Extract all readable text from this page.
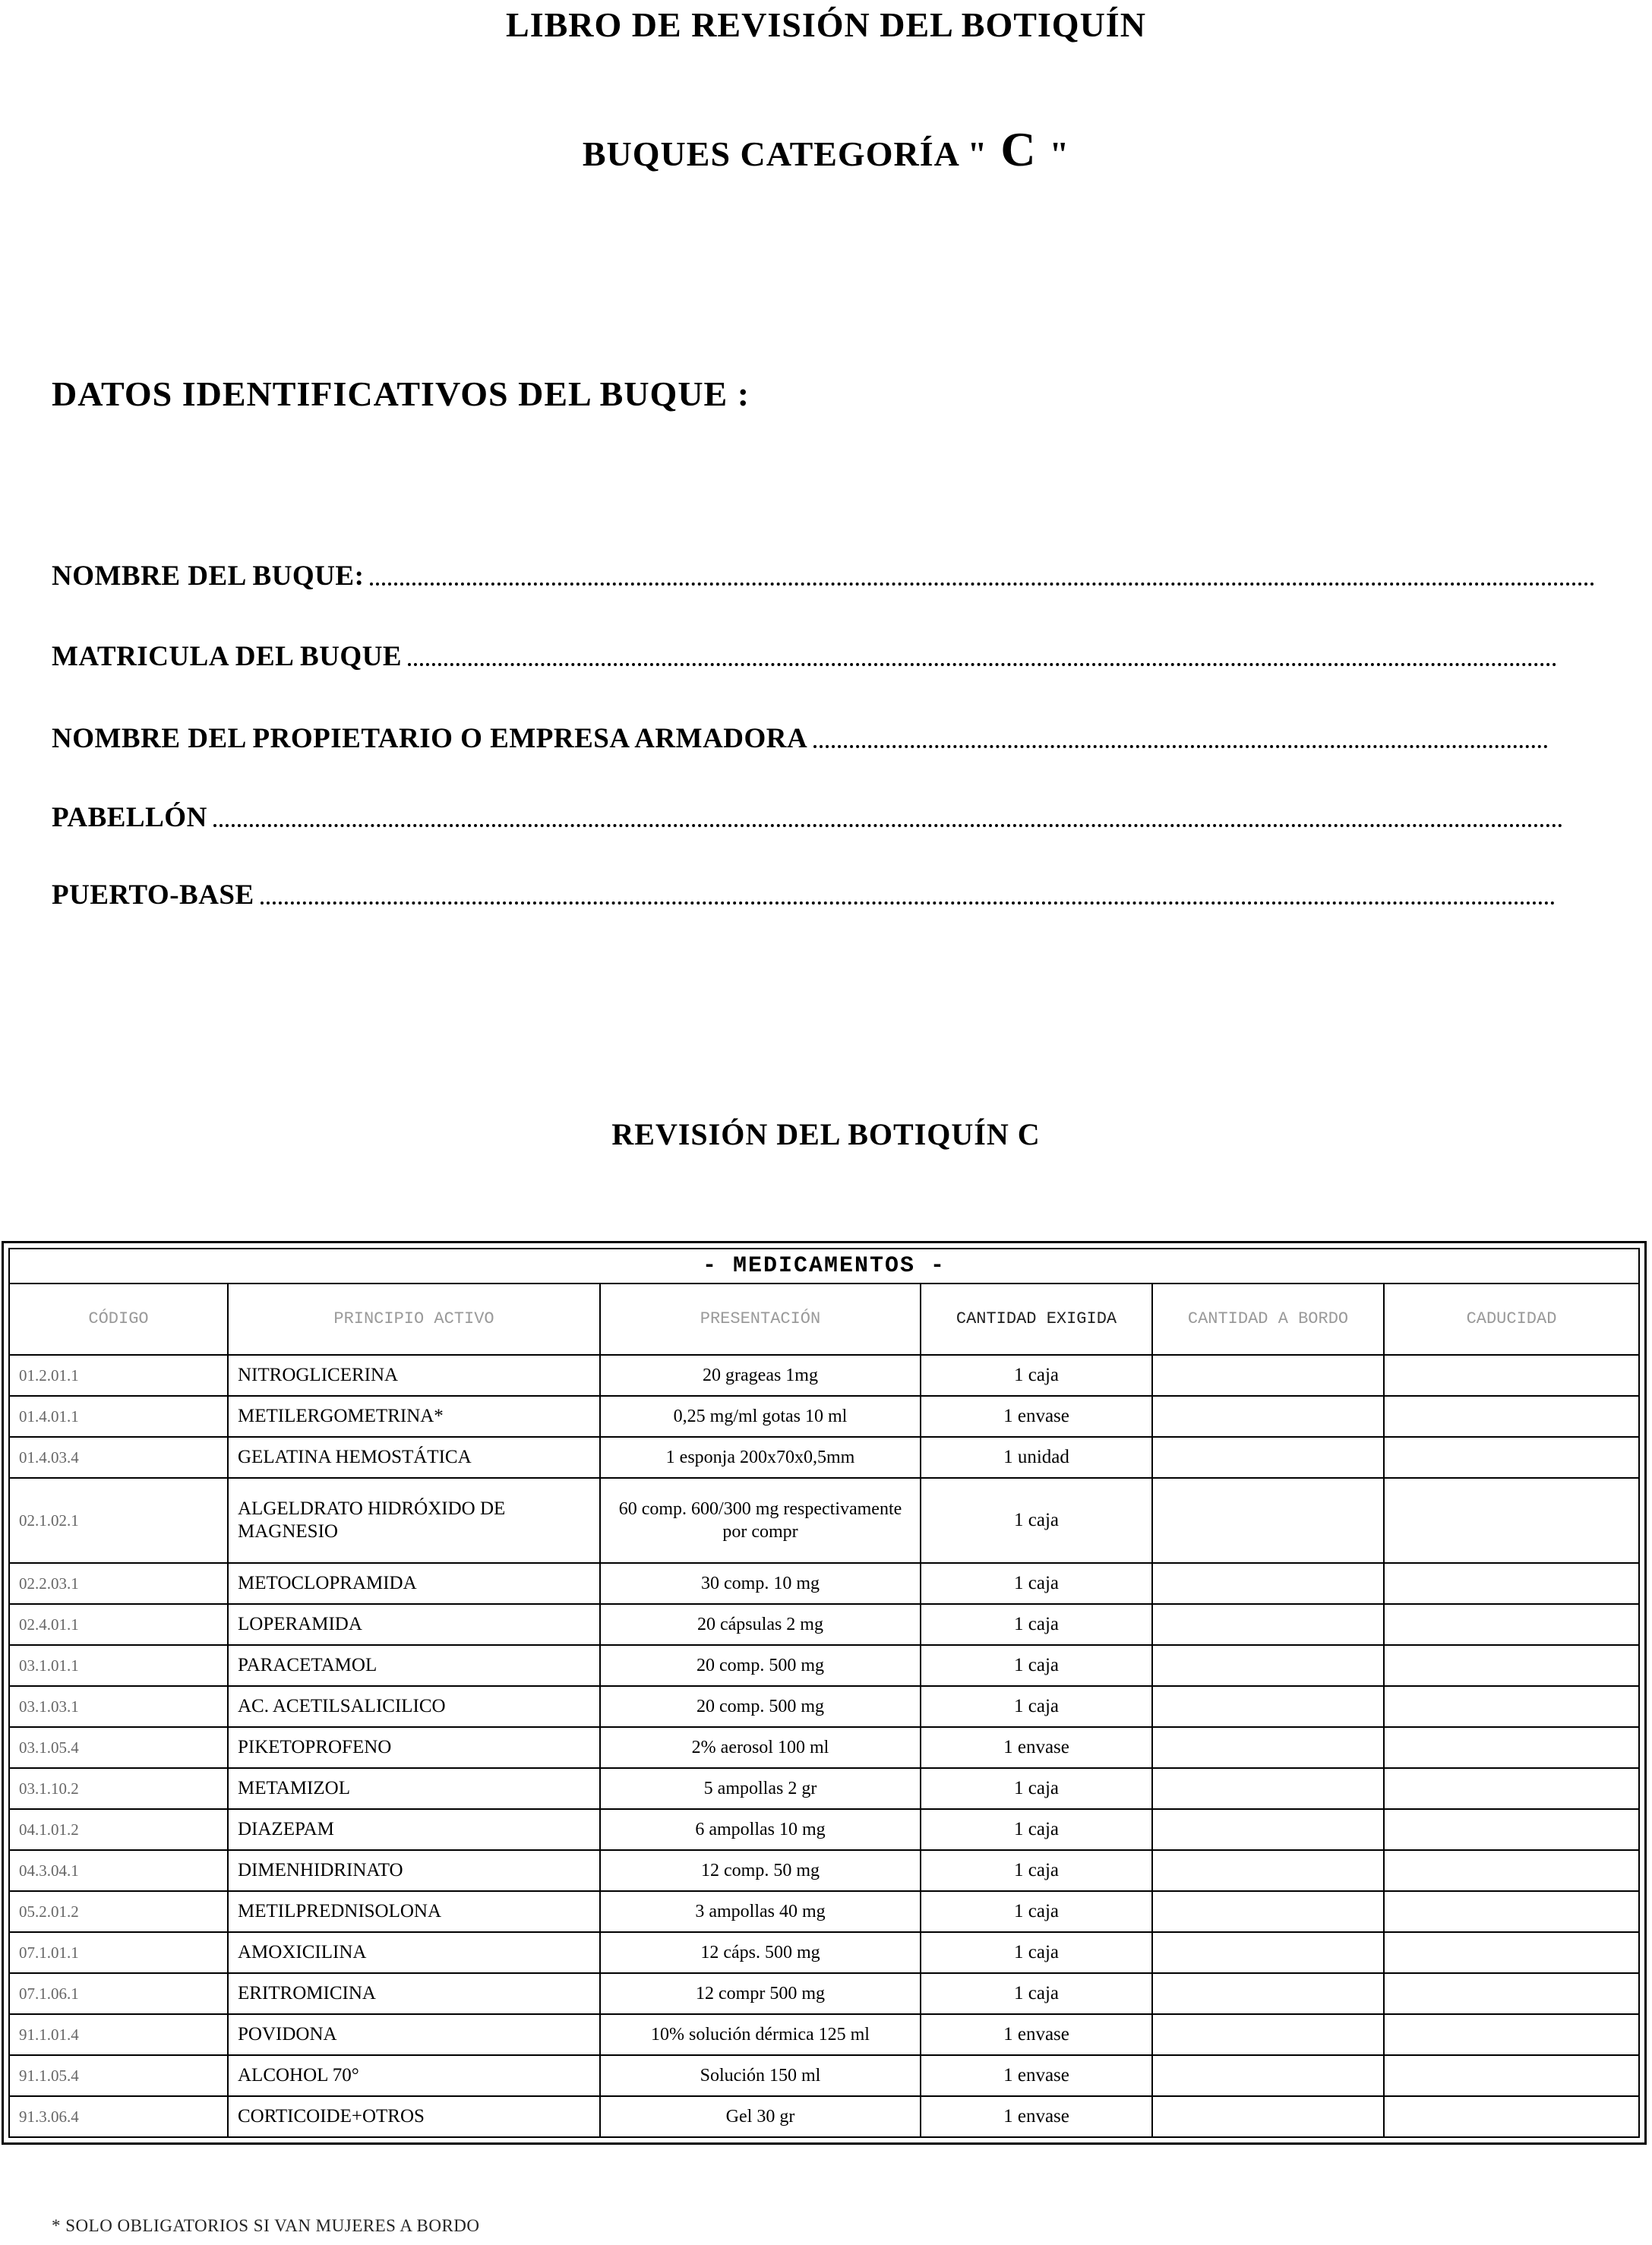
LIBRO DE REVISIÓN DEL BOTIQUÍN
BUQUES CATEGORÍA " C "
DATOS IDENTIFICATIVOS DEL BUQUE :
NOMBRE DEL BUQUE:
MATRICULA DEL BUQUE
NOMBRE DEL PROPIETARIO O EMPRESA ARMADORA
PABELLÓN
PUERTO-BASE
REVISIÓN DEL BOTIQUÍN C
- MEDICAMENTOS -					
CÓDIGO	PRINCIPIO ACTIVO	PRESENTACIÓN	CANTIDAD EXIGIDA	CANTIDAD A BORDO	CADUCIDAD
01.2.01.1	NITROGLICERINA	20 grageas 1mg	1 caja		
01.4.01.1	METILERGOMETRINA*	0,25 mg/ml gotas 10 ml	1 envase		
01.4.03.4	GELATINA HEMOSTÁTICA	1 esponja 200x70x0,5mm	1 unidad		
02.1.02.1	ALGELDRATO HIDRÓXIDO DE MAGNESIO	60 comp. 600/300 mg respectivamente por compr	1 caja		
02.2.03.1	METOCLOPRAMIDA	30 comp. 10 mg	1 caja		
02.4.01.1	LOPERAMIDA	20 cápsulas 2 mg	1 caja		
03.1.01.1	PARACETAMOL	20 comp. 500 mg	1 caja		
03.1.03.1	AC. ACETILSALICILICO	20 comp. 500 mg	1 caja		
03.1.05.4	PIKETOPROFENO	2% aerosol 100 ml	1 envase		
03.1.10.2	METAMIZOL	5 ampollas 2 gr	1 caja		
04.1.01.2	DIAZEPAM	6 ampollas 10 mg	1 caja		
04.3.04.1	DIMENHIDRINATO	12 comp. 50 mg	1 caja		
05.2.01.2	METILPREDNISOLONA	3 ampollas 40 mg	1 caja		
07.1.01.1	AMOXICILINA	12 cáps. 500 mg	1 caja		
07.1.06.1	ERITROMICINA	12 compr 500 mg	1 caja		
91.1.01.4	POVIDONA	10% solución dérmica 125 ml	1 envase		
91.1.05.4	ALCOHOL 70°	Solución 150 ml	1 envase		
91.3.06.4	CORTICOIDE+OTROS	Gel 30 gr	1 envase		
* SOLO OBLIGATORIOS SI VAN MUJERES A BORDO
